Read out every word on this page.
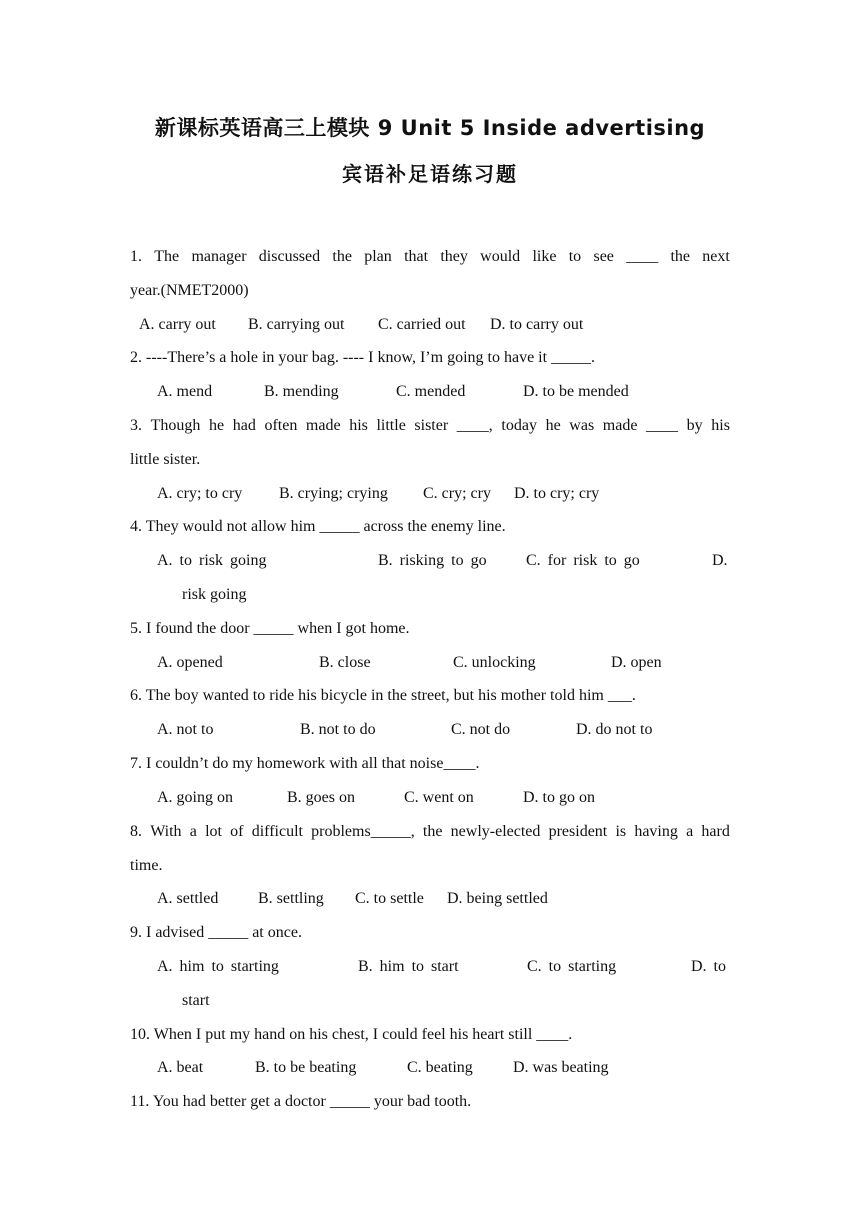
新课标英语高三上模块 9 Unit 5 Inside advertising
宾语补足语练习题
1. The manager discussed the plan that they would like to see ____ the next
year.(NMET2000)
A. carry out B. carrying out C. carried out D. to carry out
2. ----There’s a hole in your bag. ---- I know, I’m going to have it _____.
A. mend	B. mending	C. mended	D. to be mended
3. Though he had often made his little sister ____, today he was made ____ by his
little sister.
A. cry; to cry B. crying; crying C. cry; cry D. to cry; cry
4. They would not allow him _____ across the enemy line.
A. to risk going	B. risking to go C. for risk to go	D.
risk going
5. I found the door _____ when I got home.
A. opened	B. close	C. unlocking	D. open
6. The boy wanted to ride his bicycle in the street, but his mother told him ___.
A. not to	B. not to do	C. not do	D. do not to
7. I couldn’t do my homework with all that noise____.
A. going on	B. goes on	C. went on	D. to go on
8. With a lot of difficult problems_____, the newly-elected president is having a hard
time.
A. settled B. settling C. to settle D. being settled
9. I advised _____ at once.
A. him to starting	B. him to start	C. to starting	D. to
start
10. When I put my hand on his chest, I could feel his heart still ____.
A. beat	B. to be beating	C. beating	D. was beating
11. You had better get a doctor _____ your bad tooth.
